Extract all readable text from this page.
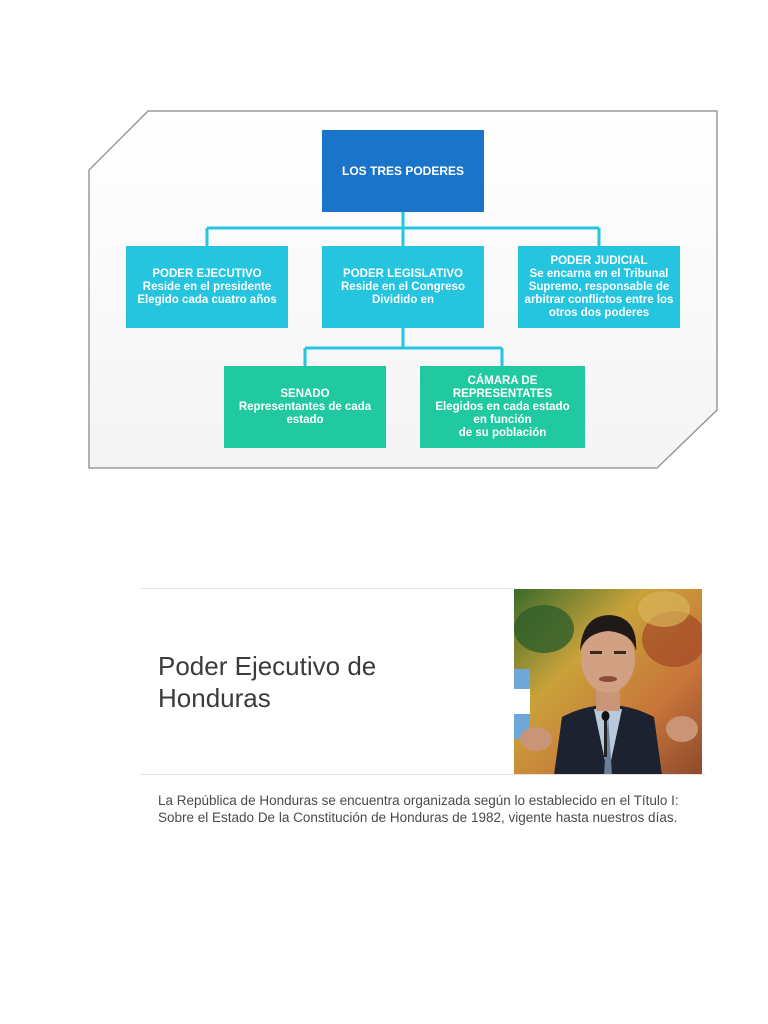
LOS TRES PODERES
PODER EJECUTIVO
Reside en el presidente
Elegido cada cuatro años
PODER LEGISLATIVO
Reside en el Congreso
Dividido en
PODER JUDICIAL
Se encarna en el Tribunal
Supremo, responsable de
arbitrar conflictos entre los
otros dos poderes
SENADO
Representantes de cada
estado
CÁMARA DE
REPRESENTATES
Elegidos en cada estado
en función
de su población
Poder Ejecutivo de
Honduras

La República de Honduras se encuentra organizada según lo establecido en el Título I: Sobre el Estado De la Constitución de Honduras de 1982, vigente hasta nuestros días.
